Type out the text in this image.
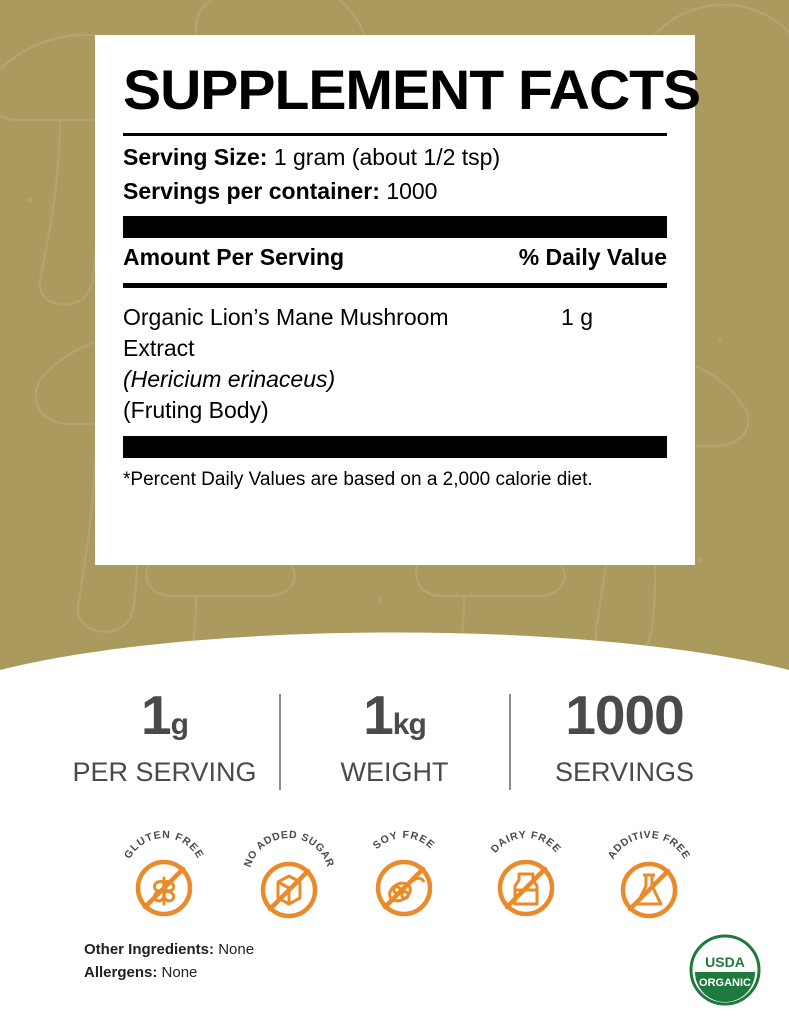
SUPPLEMENT FACTS
Serving Size: 1 gram (about 1/2 tsp)
Servings per container: 1000
Amount Per Serving	% Daily Value
Organic Lion’s Mane Mushroom Extract
(Hericium erinaceus)
(Fruting Body)
1 g
*Percent Daily Values are based on a 2,000 calorie diet.
1g
PER SERVING
1kg
WEIGHT
1000
SERVINGS
GLUTEN FREE
NO ADDED SUGAR
SOY FREE	DAIRY FREE	ADDITIVE FREE
Other Ingredients: None
Allergens: None
USDA
ORGANIC
